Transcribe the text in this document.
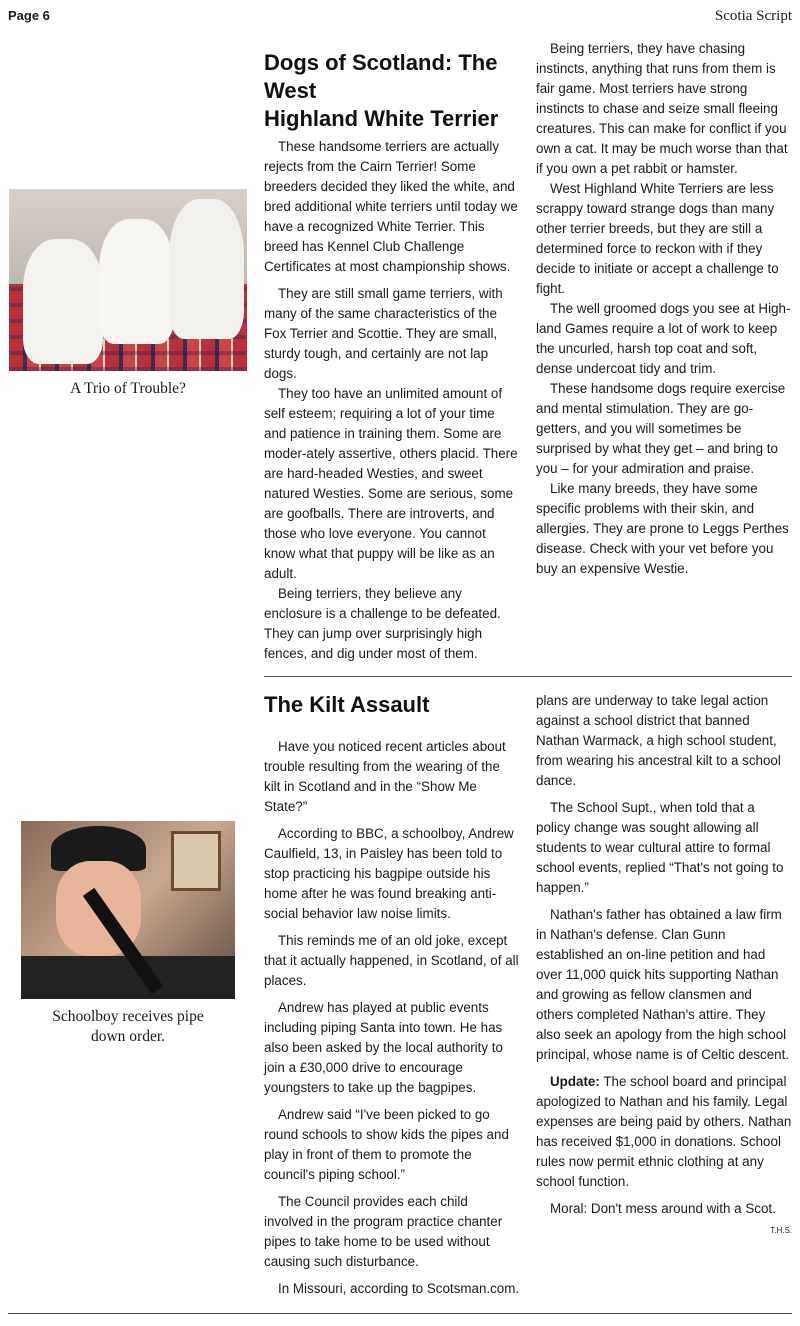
Page 6	Scotia Script
A Trio of Trouble?
Dogs of Scotland: The West
Highland White Terrier

These handsome terriers are actually rejects from the Cairn Terrier! Some breeders decided they liked the white, and bred additional white terriers until today we have a recognized White Terrier. This breed has Kennel Club Challenge Certificates at most championship shows.

They are still small game terriers, with many of the same characteristics of the Fox Terrier and Scottie. They are small, sturdy tough, and certainly are not lap dogs.

They too have an unlimited amount of self esteem; requiring a lot of your time and patience in training them. Some are moder-ately assertive, others placid. There are hard-headed Westies, and sweet natured Westies. Some are serious, some are goofballs. There are introverts, and those who love everyone. You cannot know what that puppy will be like as an adult.

Being terriers, they believe any enclosure is a challenge to be defeated. They can jump over surprisingly high fences, and dig under most of them.

Being terriers, they have chasing instincts, anything that runs from them is fair game. Most terriers have strong instincts to chase and seize small fleeing creatures. This can make for conflict if you own a cat. It may be much worse than that if you own a pet rabbit or hamster.

West Highland White Terriers are less scrappy toward strange dogs than many other terrier breeds, but they are still a determined force to reckon with if they decide to initiate or accept a challenge to fight.

The well groomed dogs you see at High-land Games require a lot of work to keep the uncurled, harsh top coat and soft, dense undercoat tidy and trim.

These handsome dogs require exercise and mental stimulation. They are go-getters, and you will sometimes be surprised by what they get – and bring to you – for your admiration and praise.

Like many breeds, they have some specific problems with their skin, and allergies. They are prone to Leggs Perthes disease. Check with your vet before you buy an expensive Westie.

Schoolboy receives pipe down order.
The Kilt Assault

Have you noticed recent articles about trouble resulting from the wearing of the kilt in Scotland and in the “Show Me State?”

According to BBC, a schoolboy, Andrew Caulfield, 13, in Paisley has been told to stop practicing his bagpipe outside his home after he was found breaking anti-social behavior law noise limits.

This reminds me of an old joke, except that it actually happened, in Scotland, of all places.

Andrew has played at public events including piping Santa into town. He has also been asked by the local authority to join a £30,000 drive to encourage youngsters to take up the bagpipes.

Andrew said “I've been picked to go round schools to show kids the pipes and play in front of them to promote the council's piping school.”

The Council provides each child involved in the program practice chanter pipes to take home to be used without causing such disturbance.

In Missouri, according to Scotsman.com.

plans are underway to take legal action against a school district that banned Nathan Warmack, a high school student, from wearing his ancestral kilt to a school dance.

The School Supt., when told that a policy change was sought allowing all students to wear cultural attire to formal school events, replied “That's not going to happen.”

Nathan's father has obtained a law firm in Nathan's defense. Clan Gunn established an on-line petition and had over 11,000 quick hits supporting Nathan and growing as fellow clansmen and others completed Nathan's attire. They also seek an apology from the high school principal, whose name is of Celtic descent.

Update: The school board and principal apologized to Nathan and his family. Legal expenses are being paid by others. Nathan has received $1,000 in donations. School rules now permit ethnic clothing at any school function.

Moral: Don't mess around with a Scot.

T.H.S.
